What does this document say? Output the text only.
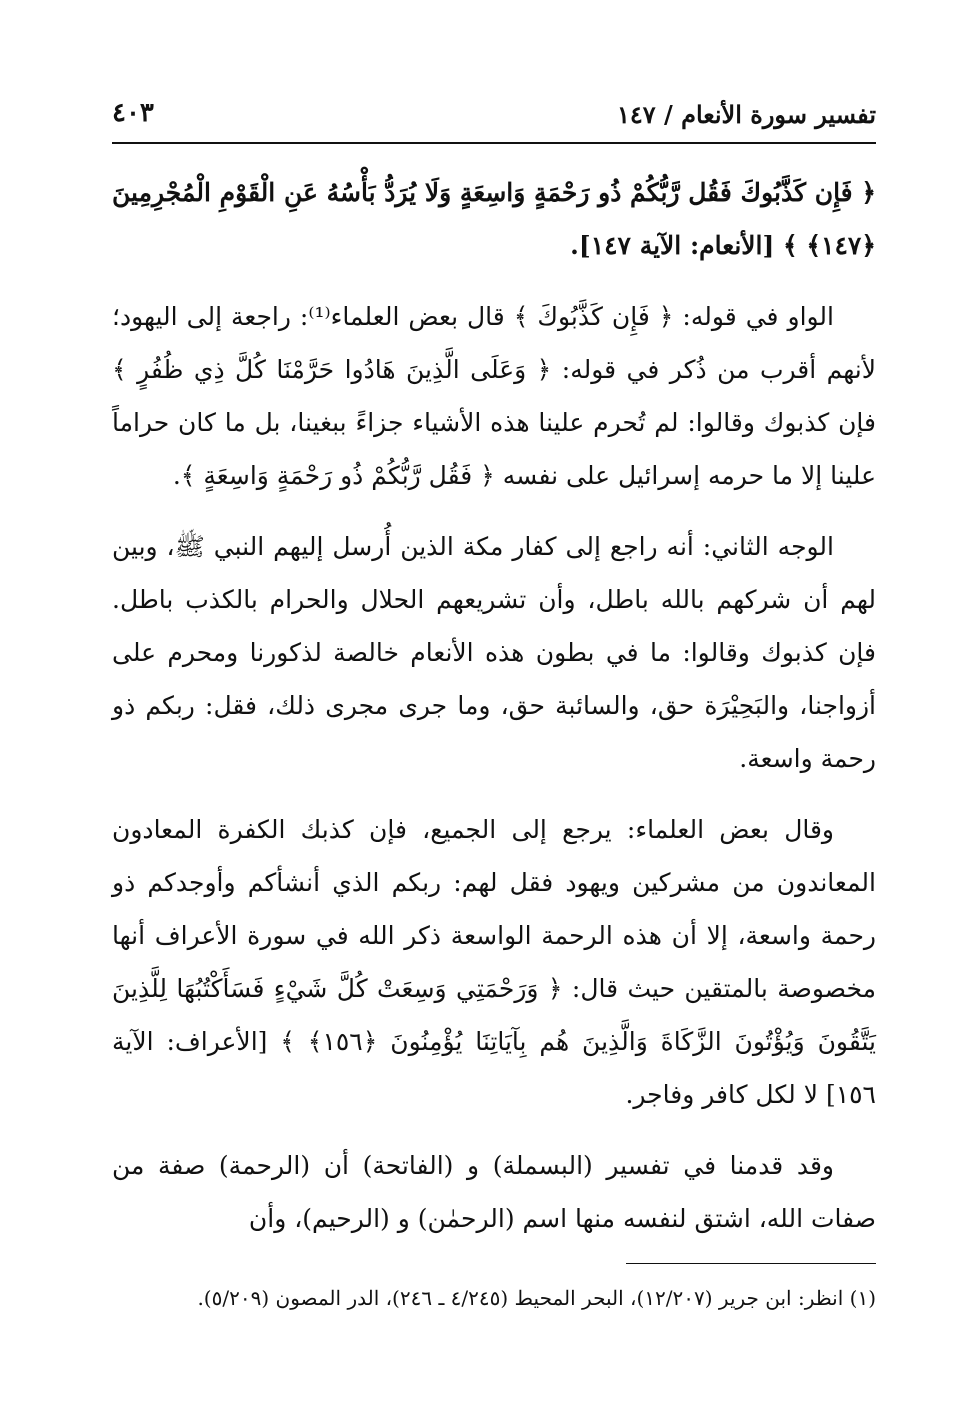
تفسير سورة الأنعام / ١٤٧
٤٠٣

﴿ فَإِن كَذَّبُوكَ فَقُل رَّبُّكُمْ ذُو رَحْمَةٍ وَاسِعَةٍ وَلَا يُرَدُّ بَأْسُهُ عَنِ الْقَوْمِ الْمُجْرِمِينَ ﴿١٤٧﴾ ﴾ [الأنعام: الآية ١٤٧].

الواو في قوله: ﴿ فَإِن كَذَّبُوكَ ﴾ قال بعض العلماء⁽¹⁾: راجعة إلى اليهود؛ لأنهم أقرب من ذُكر في قوله: ﴿ وَعَلَى الَّذِينَ هَادُوا حَرَّمْنَا كُلَّ ذِي ظُفُرٍ ﴾ فإن كذبوك وقالوا: لم تُحرم علينا هذه الأشياء جزاءً ببغينا، بل ما كان حراماً علينا إلا ما حرمه إسرائيل على نفسه ﴿ فَقُل رَّبُّكُمْ ذُو رَحْمَةٍ وَاسِعَةٍ ﴾.

الوجه الثاني: أنه راجع إلى كفار مكة الذين أُرسل إليهم النبي ﷺ، وبين لهم أن شركهم بالله باطل، وأن تشريعهم الحلال والحرام بالكذب باطل. فإن كذبوك وقالوا: ما في بطون هذه الأنعام خالصة لذكورنا ومحرم على أزواجنا، والبَحِيْرَة حق، والسائبة حق، وما جرى مجرى ذلك، فقل: ربكم ذو رحمة واسعة.

وقال بعض العلماء: يرجع إلى الجميع، فإن كذبك الكفرة المعادون المعاندون من مشركين ويهود فقل لهم: ربكم الذي أنشأكم وأوجدكم ذو رحمة واسعة، إلا أن هذه الرحمة الواسعة ذكر الله في سورة الأعراف أنها مخصوصة بالمتقين حيث قال: ﴿ وَرَحْمَتِي وَسِعَتْ كُلَّ شَيْءٍ فَسَأَكْتُبُهَا لِلَّذِينَ يَتَّقُونَ وَيُؤْتُونَ الزَّكَاةَ وَالَّذِينَ هُم بِآيَاتِنَا يُؤْمِنُونَ ﴿١٥٦﴾ ﴾ [الأعراف: الآية ١٥٦] لا لكل كافر وفاجر.

وقد قدمنا في تفسير (البسملة) و (الفاتحة) أن (الرحمة) صفة من صفات الله، اشتق لنفسه منها اسم (الرحمٰن) و (الرحيم)، وأن

(١) انظر: ابن جرير (١٢/٢٠٧)، البحر المحيط (٤/٢٤٥ ـ ٢٤٦)، الدر المصون (٥/٢٠٩).
